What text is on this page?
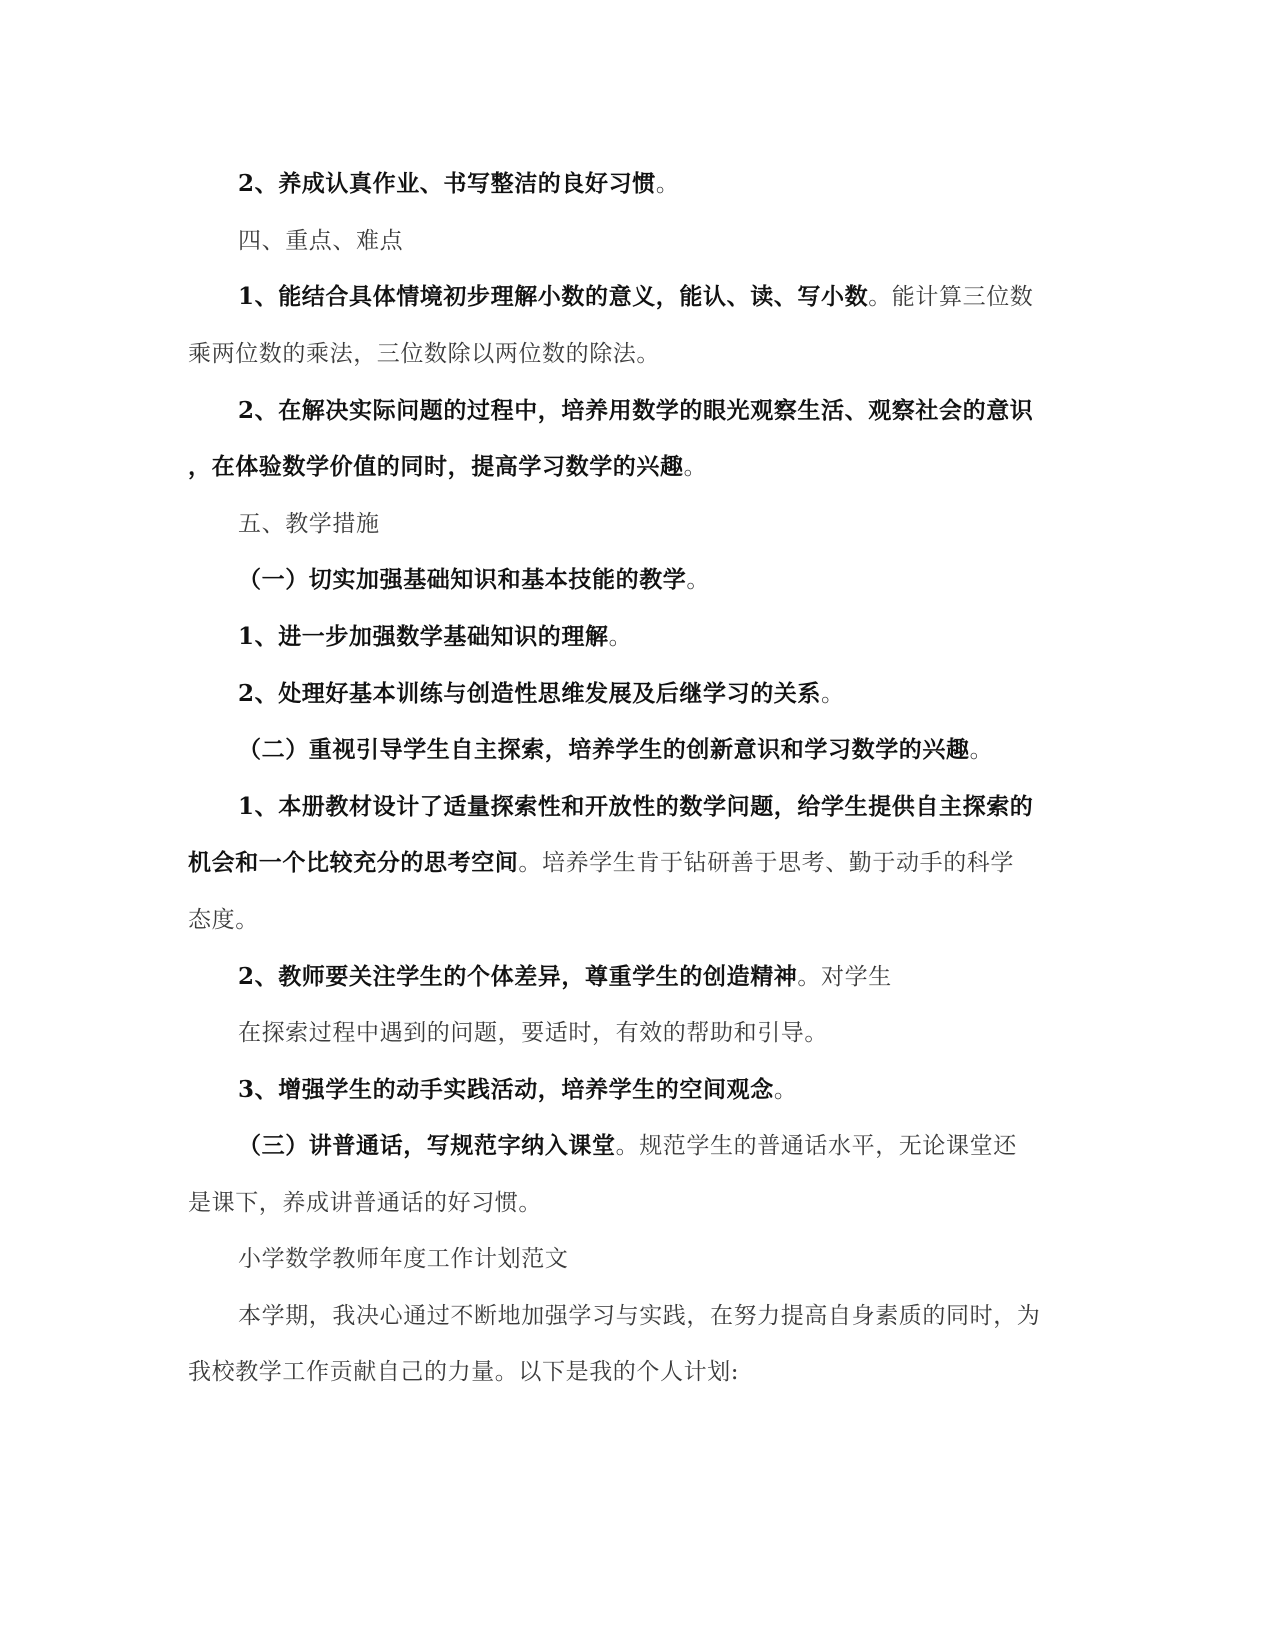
2、养成认真作业、书写整洁的良好习惯。
四、重点、难点
1、能结合具体情境初步理解小数的意义，能认、读、写小数。能计算三位数
乘两位数的乘法，三位数除以两位数的除法。
2、在解决实际问题的过程中，培养用数学的眼光观察生活、观察社会的意识
，在体验数学价值的同时，提高学习数学的兴趣。
五、教学措施
（一）切实加强基础知识和基本技能的教学。
1、进一步加强数学基础知识的理解。
2、处理好基本训练与创造性思维发展及后继学习的关系。
（二）重视引导学生自主探索，培养学生的创新意识和学习数学的兴趣。
1、本册教材设计了适量探索性和开放性的数学问题，给学生提供自主探索的
机会和一个比较充分的思考空间。培养学生肯于钻研善于思考、勤于动手的科学
态度。
2、教师要关注学生的个体差异，尊重学生的创造精神。对学生
在探索过程中遇到的问题，要适时，有效的帮助和引导。
3、增强学生的动手实践活动，培养学生的空间观念。
（三）讲普通话，写规范字纳入课堂。规范学生的普通话水平，无论课堂还
是课下，养成讲普通话的好习惯。
小学数学教师年度工作计划范文
本学期，我决心通过不断地加强学习与实践，在努力提高自身素质的同时，为
我校教学工作贡献自己的力量。以下是我的个人计划:
